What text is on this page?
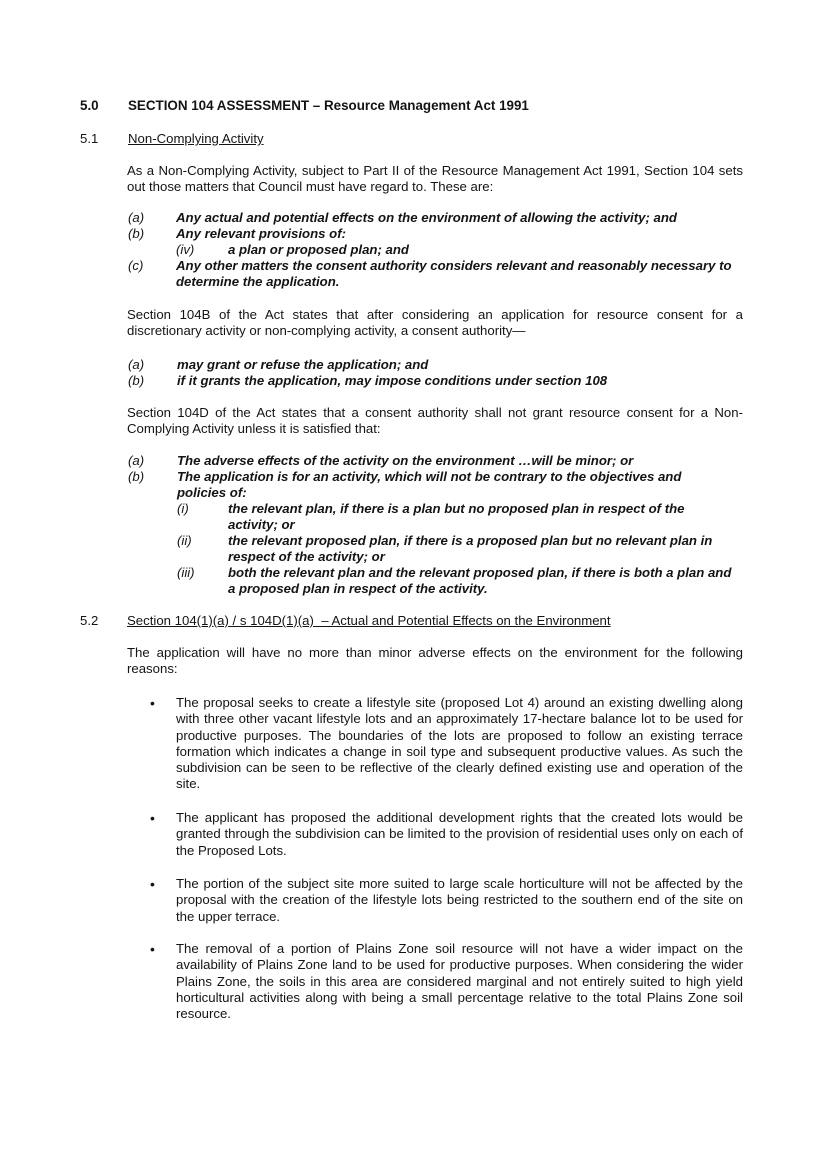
5.0 SECTION 104 ASSESSMENT – Resource Management Act 1991
5.1 Non-Complying Activity
As a Non-Complying Activity, subject to Part II of the Resource Management Act 1991, Section 104 sets out those matters that Council must have regard to. These are:
(a) Any actual and potential effects on the environment of allowing the activity; and
(b) Any relevant provisions of:
(iv)	a plan or proposed plan; and
(c) Any other matters the consent authority considers relevant and reasonably necessary to determine the application.
Section 104B of the Act states that after considering an application for resource consent for a discretionary activity or non-complying activity, a consent authority—
(a) may grant or refuse the application; and
(b) if it grants the application, may impose conditions under section 108
Section 104D of the Act states that a consent authority shall not grant resource consent for a Non-Complying Activity unless it is satisfied that:
(a) The adverse effects of the activity on the environment …will be minor; or
(b) The application is for an activity, which will not be contrary to the objectives and policies of:
(i)	the relevant plan, if there is a plan but no proposed plan in respect of the activity; or
(ii)	the relevant proposed plan, if there is a proposed plan but no relevant plan in respect of the activity; or
(iii)	both the relevant plan and the relevant proposed plan, if there is both a plan and a proposed plan in respect of the activity.
5.2 Section 104(1)(a) / s 104D(1)(a)  – Actual and Potential Effects on the Environment
The application will have no more than minor adverse effects on the environment for the following reasons:
• The proposal seeks to create a lifestyle site (proposed Lot 4) around an existing dwelling along with three other vacant lifestyle lots and an approximately 17-hectare balance lot to be used for productive purposes. The boundaries of the lots are proposed to follow an existing terrace formation which indicates a change in soil type and subsequent productive values. As such the subdivision can be seen to be reflective of the clearly defined existing use and operation of the site.
• The applicant has proposed the additional development rights that the created lots would be granted through the subdivision can be limited to the provision of residential uses only on each of the Proposed Lots.
• The portion of the subject site more suited to large scale horticulture will not be affected by the proposal with the creation of the lifestyle lots being restricted to the southern end of the site on the upper terrace.
• The removal of a portion of Plains Zone soil resource will not have a wider impact on the availability of Plains Zone land to be used for productive purposes. When considering the wider Plains Zone, the soils in this area are considered marginal and not entirely suited to high yield horticultural activities along with being a small percentage relative to the total Plains Zone soil resource.
